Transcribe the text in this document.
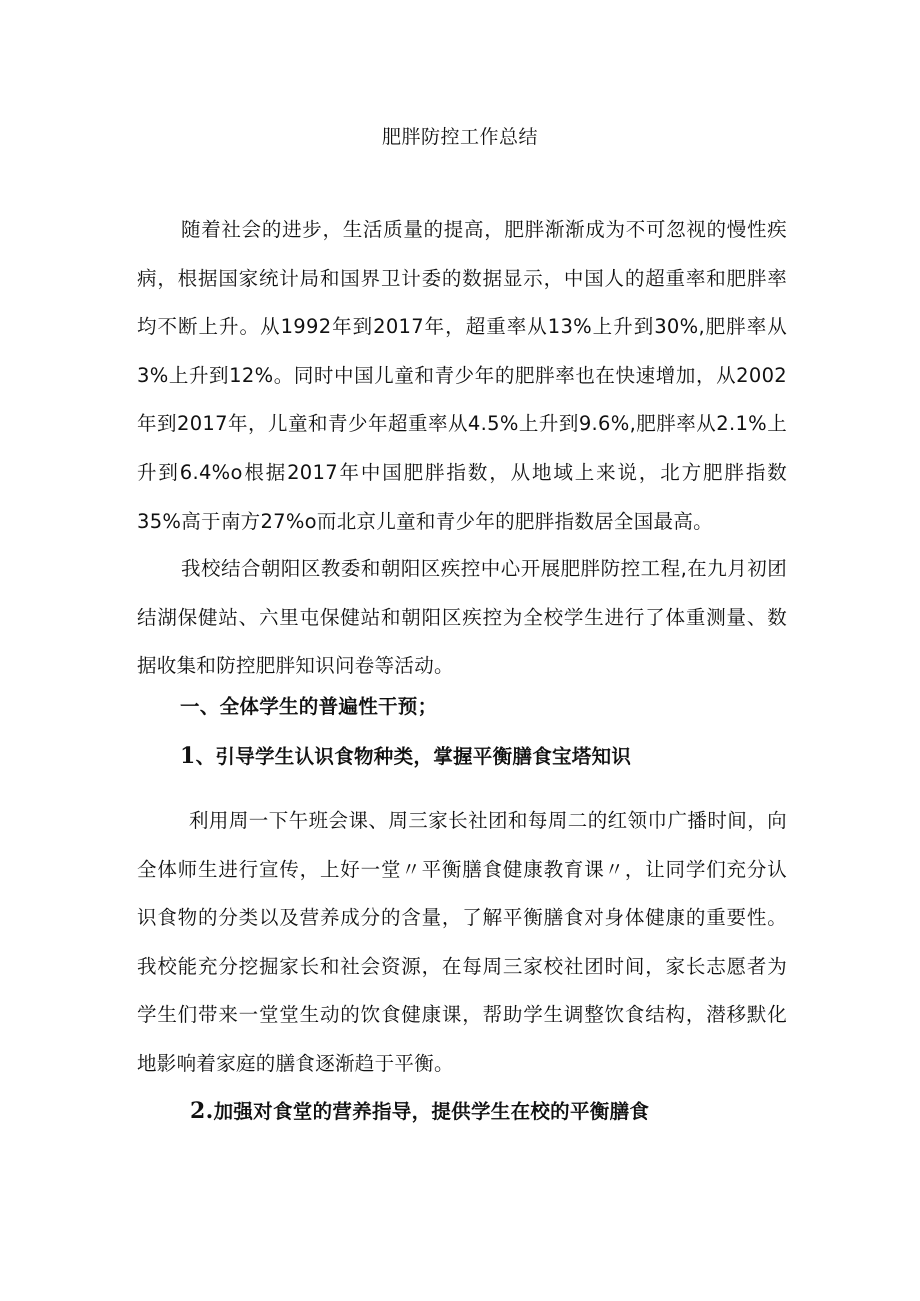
肥胖防控工作总结

随着社会的进步，生活质量的提高，肥胖渐渐成为不可忽视的慢性疾病，根据国家统计局和国界卫计委的数据显示，中国人的超重率和肥胖率均不断上升。从1992年到2017年，超重率从13%上升到30%,肥胖率从3%上升到12%。同时中国儿童和青少年的肥胖率也在快速增加，从2002年到2017年，儿童和青少年超重率从4.5%上升到9.6%,肥胖率从2.1%上升到6.4%o根据2017年中国肥胖指数，从地域上来说，北方肥胖指数35%高于南方27%o而北京儿童和青少年的肥胖指数居全国最高。

我校结合朝阳区教委和朝阳区疾控中心开展肥胖防控工程,在九月初团结湖保健站、六里屯保健站和朝阳区疾控为全校学生进行了体重测量、数据收集和防控肥胖知识问卷等活动。

一、全体学生的普遍性干预；
1、引导学生认识食物种类，掌握平衡膳食宝塔知识

利用周一下午班会课、周三家长社团和每周二的红领巾广播时间，向全体师生进行宣传，上好一堂〃平衡膳食健康教育课〃，让同学们充分认识食物的分类以及营养成分的含量，了解平衡膳食对身体健康的重要性。我校能充分挖掘家长和社会资源，在每周三家校社团时间，家长志愿者为学生们带来一堂堂生动的饮食健康课，帮助学生调整饮食结构，潜移默化地影响着家庭的膳食逐渐趋于平衡。

2.加强对食堂的营养指导，提供学生在校的平衡膳食
